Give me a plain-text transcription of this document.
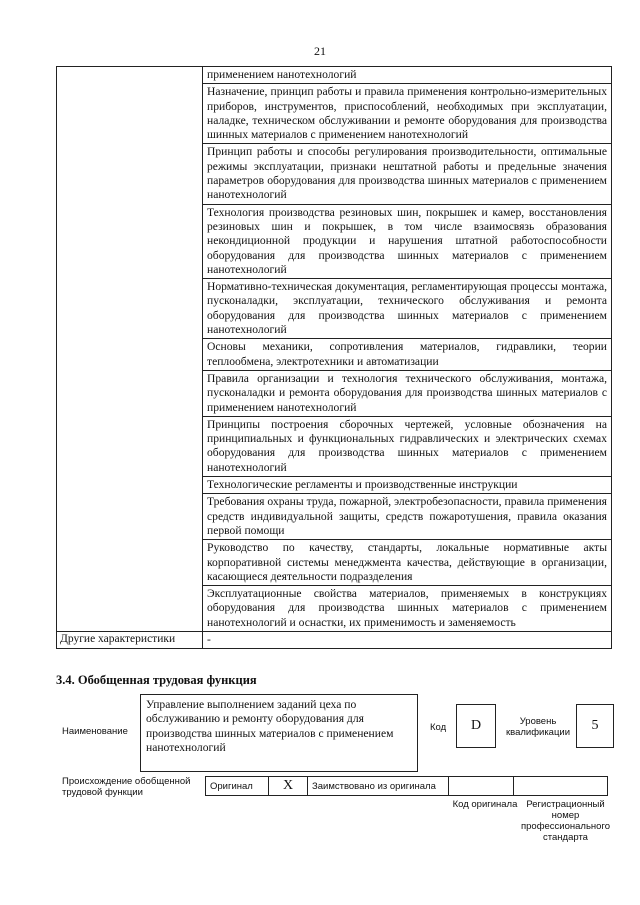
21
	применением нанотехнологий
	Назначение, принцип работы и правила применения контрольно-измерительных приборов, инструментов, приспособлений, необходимых при эксплуатации, наладке, техническом обслуживании и ремонте оборудования для производства шинных материалов с применением нанотехнологий
	Принцип работы и способы регулирования производительности, оптимальные режимы эксплуатации, признаки нештатной работы и предельные значения параметров оборудования для производства шинных материалов с применением нанотехнологий
	Технология производства резиновых шин, покрышек и камер, восстановления резиновых шин и покрышек, в том числе взаимосвязь образования некондиционной продукции и нарушения штатной работоспособности оборудования для производства шинных материалов с применением нанотехнологий
	Нормативно-техническая документация, регламентирующая процессы монтажа, пусконаладки, эксплуатации, технического обслуживания и ремонта оборудования для производства шинных материалов с применением нанотехнологий
	Основы механики, сопротивления материалов, гидравлики, теории теплообмена, электротехники и автоматизации
	Правила организации и технология технического обслуживания, монтажа, пусконаладки и ремонта оборудования для производства шинных материалов с применением нанотехнологий
	Принципы построения сборочных чертежей, условные обозначения на принципиальных и функциональных гидравлических и электрических схемах оборудования для производства шинных материалов с применением нанотехнологий
	Технологические регламенты и производственные инструкции
	Требования охраны труда, пожарной, электробезопасности, правила применения средств индивидуальной защиты, средств пожаротушения, правила оказания первой помощи
	Руководство по качеству, стандарты, локальные нормативные акты корпоративной системы менеджмента качества, действующие в организации, касающиеся деятельности подразделения
	Эксплуатационные свойства материалов, применяемых в конструкциях оборудования для производства шинных материалов с применением нанотехнологий и оснастки, их применимость и заменяемость
Другие характеристики	-
3.4. Обобщенная трудовая функция
Наименование
Управление выполнением заданий цеха по обслуживанию и ремонту оборудования для производства шинных материалов с применением нанотехнологий
Код	D	Уровень квалификации	5
Происхождение обобщенной трудовой функции
Оригинал	X	Заимствовано из оригинала
Код оригинала Регистрационный номер профессионального стандарта
